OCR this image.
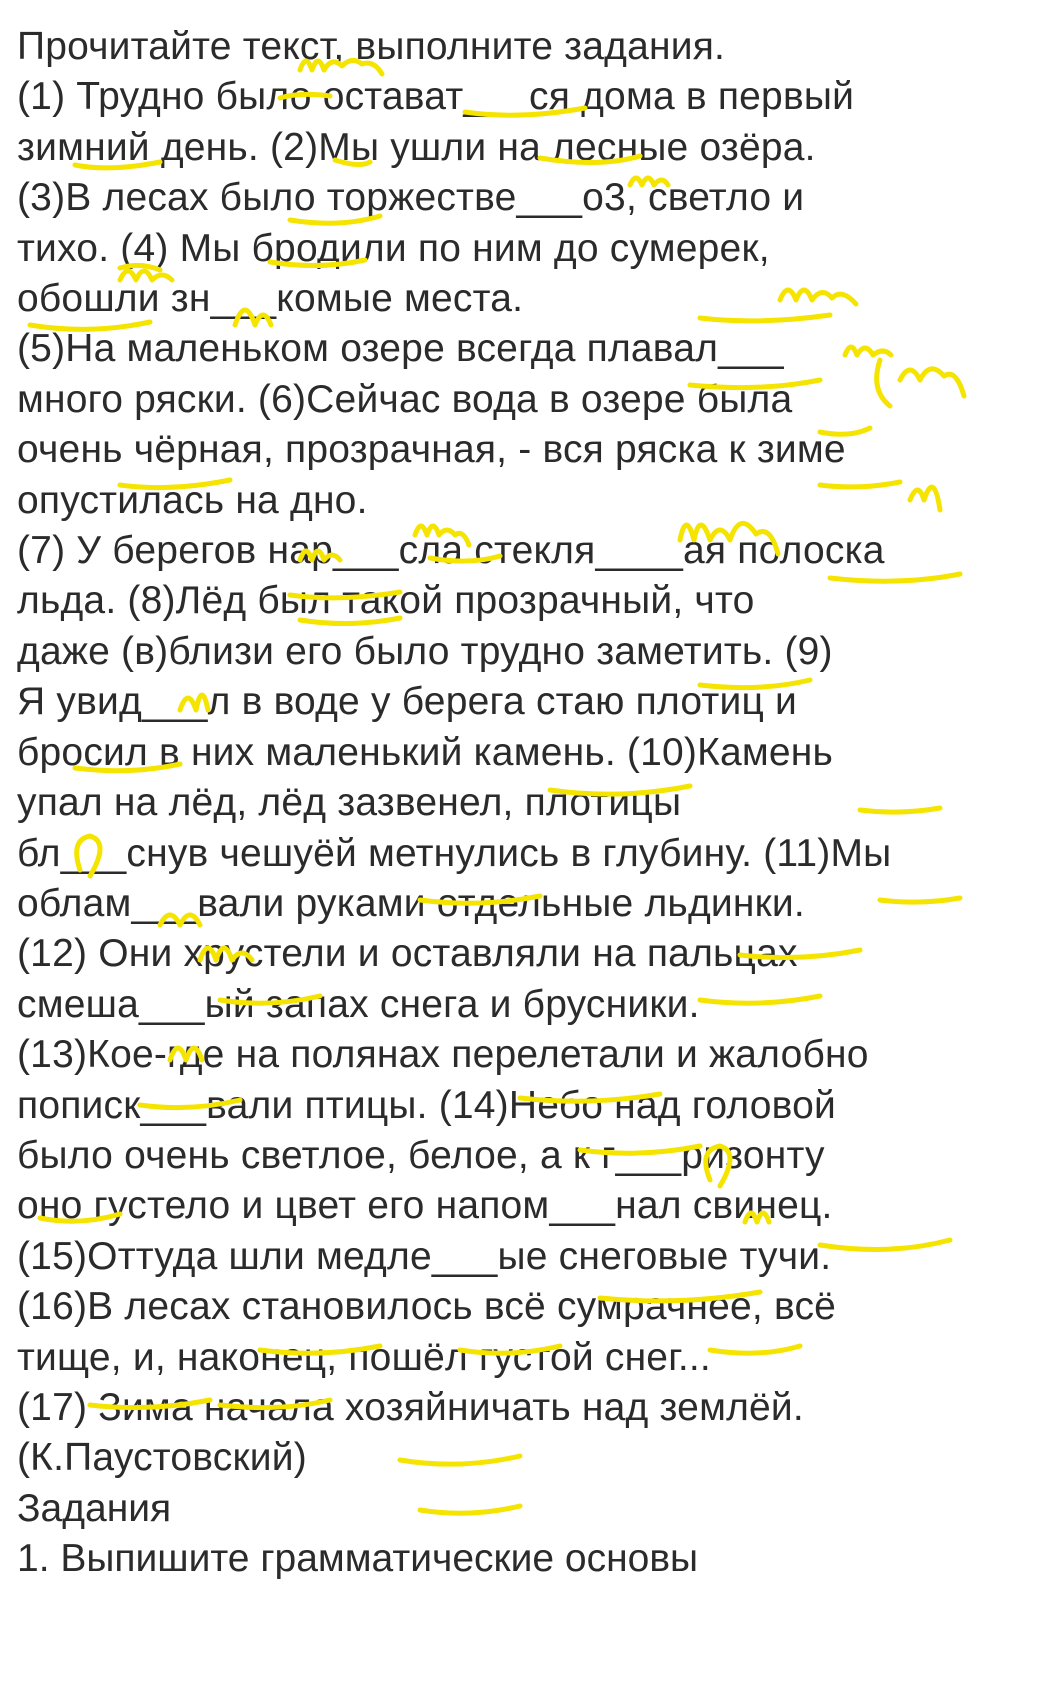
Прочитайте текст, выполните задания.
(1) Трудно было остават___ся дома в первый
зимний день. (2)Мы ушли на лесные озёра.
(3)В лесах было торжестве___о3, светло и
тихо. (4) Мы бродили по ним до сумерек,
обошли зн___комые места.
(5)На маленьком озере всегда плавал___
много ряски. (6)Сейчас вода в озере была
очень чёрная, прозрачная, - вся ряска к зиме
опустилась на дно.
(7) У берегов нар___сла стекля____ая полоска
льда. (8)Лёд был такой прозрачный, что
даже (в)близи его было трудно заметить. (9)
Я увид___л в воде у берега стаю плотиц и
бросил в них маленький камень. (10)Камень
упал на лёд, лёд зазвенел, плотицы
бл___снув чешуёй метнулись в глубину. (11)Мы
облам___вали руками отдельные льдинки.
(12) Они хрустели и оставляли на пальцах
смеша___ый запах снега и брусники.
(13)Кое-где на полянах перелетали и жалобно
пописк___вали птицы. (14)Небо над головой
было очень светлое, белое, а к г___ризонту
оно густело и цвет его напом___нал свинец.
(15)Оттуда шли медле___ые снеговые тучи.
(16)В лесах становилось всё сумрачнее, всё
тище, и, наконец, пошёл густой снег...
(17) Зима начала хозяйничать над землёй.
(К.Паустовский)
Задания
1. Выпишите грамматические основы
